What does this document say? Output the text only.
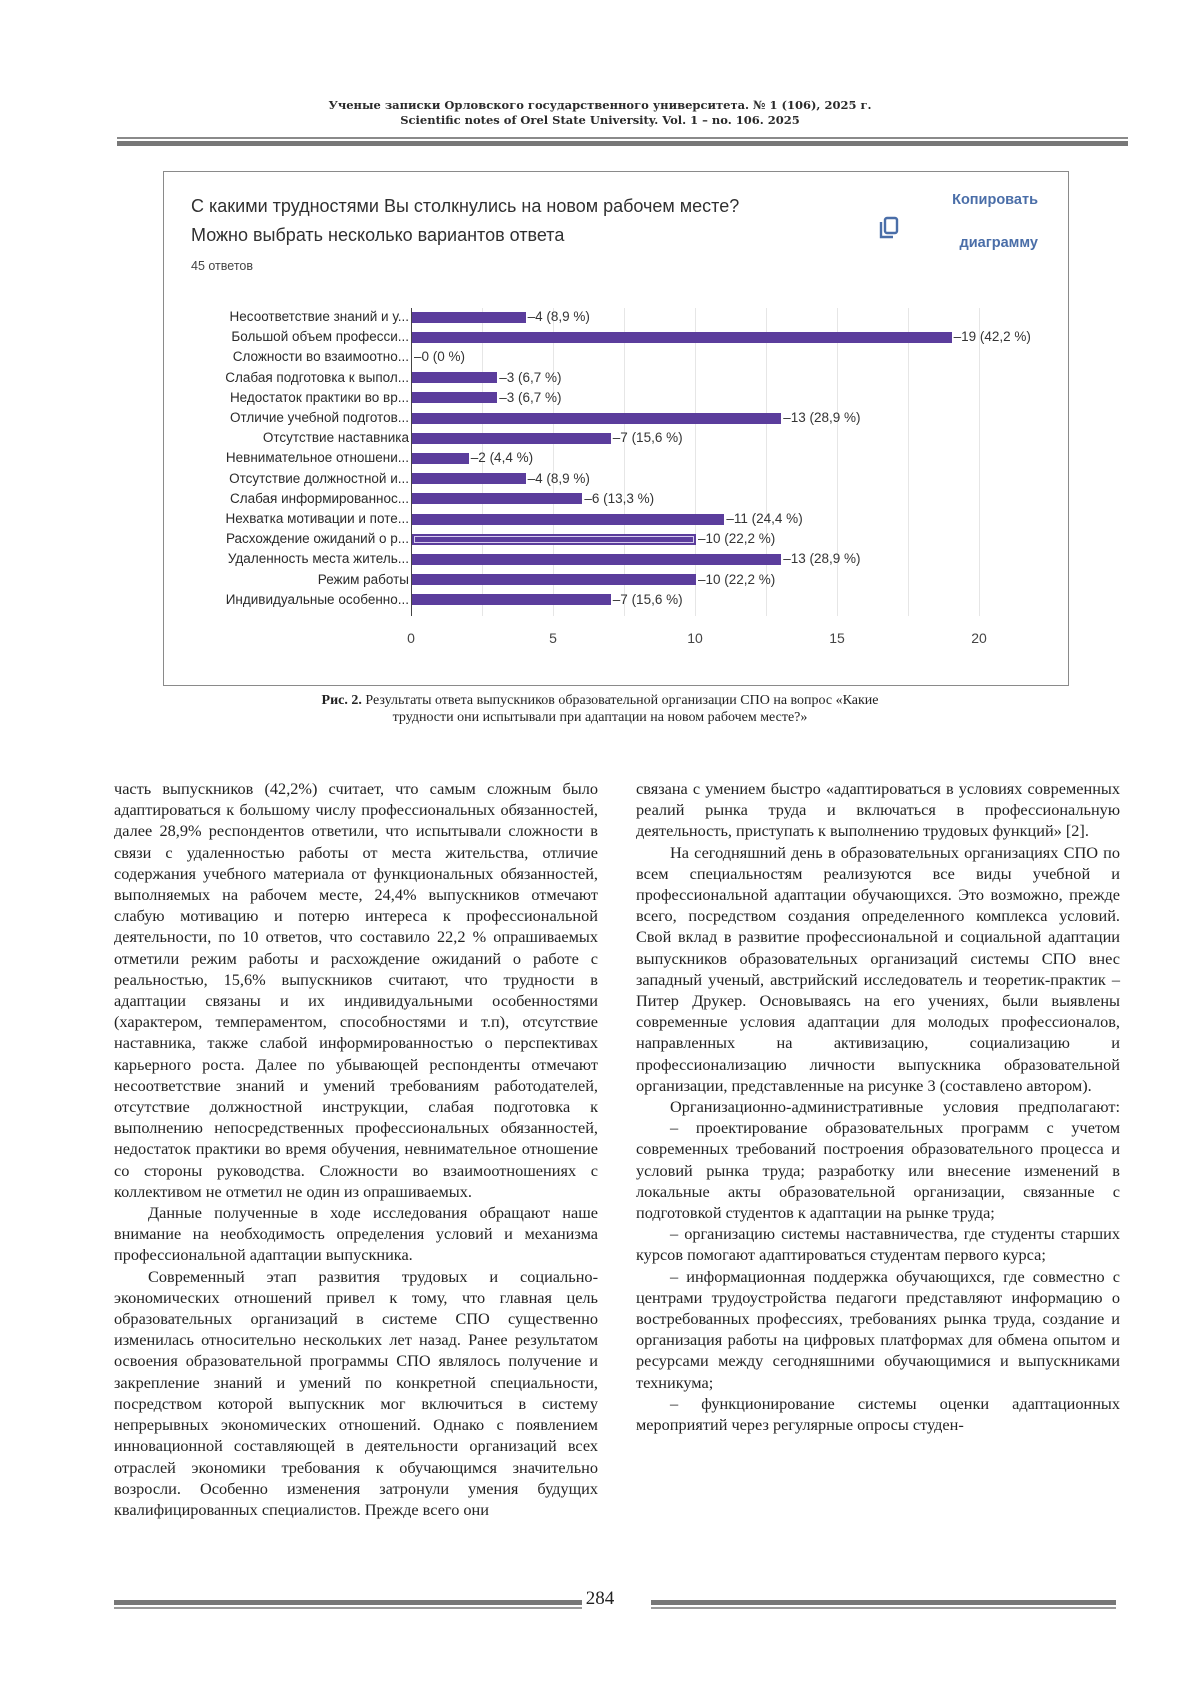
Ученые записки Орловского государственного университета. № 1 (106), 2025 г.
Scientific notes of Orel State University. Vol. 1 – no. 106. 2025
С какими трудностями Вы столкнулись на новом рабочем месте?
Можно выбрать несколько вариантов ответа
45 ответов
Копировать
диаграмму
0	5	10	15	20
Несоответствие знаний и у...	–4 (8,9 %)
Большой объем професси...	–19 (42,2 %)
Сложности во взаимоотно... –0 (0 %)
Слабая подготовка к выпол...	–3 (6,7 %)
Недостаток практики во вр...	–3 (6,7 %)
Отличие учебной подготов...	–13 (28,9 %)
Отсутствие наставника	–7 (15,6 %)
Невнимательное отношени...	–2 (4,4 %)
Отсутствие должностной и...	–4 (8,9 %)
Слабая информированнос...	–6 (13,3 %)
Нехватка мотивации и поте...	–11 (24,4 %)
Расхождение ожиданий о р...	–10 (22,2 %)
Удаленность места житель...	–13 (28,9 %)
Режим работы	–10 (22,2 %)
Индивидуальные особенно...	–7 (15,6 %)
Рис. 2. Результаты ответа выпускников образовательной организации СПО на вопрос «Какие
трудности они испытывали при адаптации на новом рабочем месте?»

часть выпускников (42,2%) считает, что самым сложным было адаптироваться к большому числу профессиональных обязанностей, далее 28,9% респондентов ответили, что испытывали сложности в связи с удаленностью работы от места жительства, отличие содержания учебного материала от функциональных обязанностей, выполняемых на рабочем месте, 24,4% выпускников отмечают слабую мотивацию и потерю интереса к профессиональной деятельности, по 10 ответов, что составило 22,2 % опрашиваемых отметили режим работы и расхождение ожиданий о работе с реальностью, 15,6% выпускников считают, что трудности в адаптации связаны и их индивидуальными особенностями (характером, темпераментом, способностями и т.п), отсутствие наставника, также слабой информированностью о перспективах карьерного роста. Далее по убывающей респонденты отмечают несоответствие знаний и умений требованиям работодателей, отсутствие должностной инструкции, слабая подготовка к выполнению непосредственных профессиональных обязанностей, недостаток практики во время обучения, невнимательное отношение со стороны руководства. Сложности во взаимоотношениях с коллективом не отметил не один из опрашиваемых.

Данные полученные в ходе исследования обращают наше внимание на необходимость определения условий и механизма профессиональной адаптации выпускника.

Современный этап развития трудовых и социально-экономических отношений привел к тому, что главная цель образовательных организаций в системе СПО существенно изменилась относительно нескольких лет назад. Ранее результатом освоения образовательной программы СПО являлось получение и закрепление знаний и умений по конкретной специальности, посредством которой выпускник мог включиться в систему непрерывных экономических отношений. Однако с появлением инновационной составляющей в деятельности организаций всех отраслей экономики требования к обучающимся значительно возросли. Особенно изменения затронули умения будущих квалифицированных специалистов. Прежде всего они

связана с умением быстро «адаптироваться в условиях современных реалий рынка труда и включаться в профессиональную деятельность, приступать к выполнению трудовых функций» [2].

На сегодняшний день в образовательных организациях СПО по всем специальностям реализуются все виды учебной и профессиональной адаптации обучающихся. Это возможно, прежде всего, посредством создания определенного комплекса условий. Свой вклад в развитие профессиональной и социальной адаптации выпускников образовательных организаций системы СПО внес западный ученый, австрийский исследователь и теоретик-практик – Питер Друкер. Основываясь на его учениях, были выявлены современные условия адаптации для молодых профессионалов, направленных на активизацию, социализацию и профессионализацию личности выпускника образовательной организации, представленные на рисунке 3 (составлено автором).

Организационно-административные условия предполагают:

– проектирование образовательных программ с учетом современных требований построения образовательного процесса и условий рынка труда; разработку или внесение изменений в локальные акты образовательной организации, связанные с подготовкой студентов к адаптации на рынке труда;

– организацию системы наставничества, где студенты старших курсов помогают адаптироваться студентам первого курса;

– информационная поддержка обучающихся, где совместно с центрами трудоустройства педагоги представляют информацию о востребованных профессиях, требованиях рынка труда, создание и организация работы на цифровых платформах для обмена опытом и ресурсами между сегодняшними обучающимися и выпускниками техникума;

– функционирование системы оценки адаптационных мероприятий через регулярные опросы студен-

284
